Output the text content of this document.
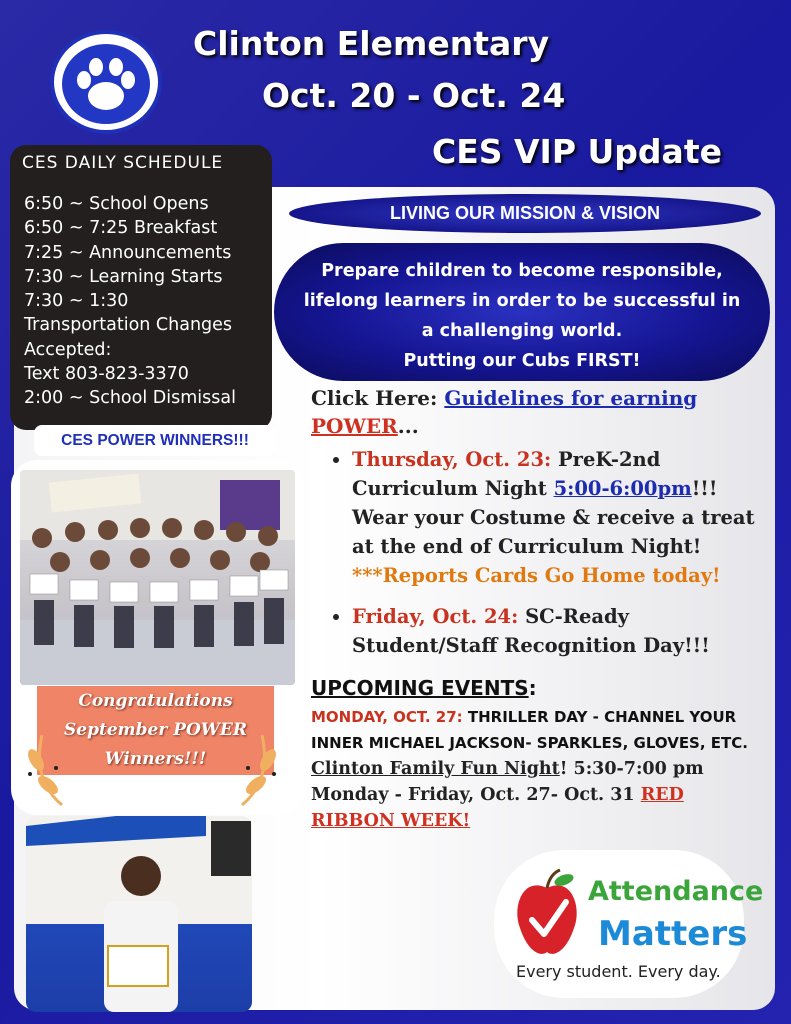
Clinton Elementary
Oct. 20 - Oct. 24
CES VIP Update
CES DAILY SCHEDULE
6:50 ~ School Opens
6:50 ~ 7:25 Breakfast
7:25 ~ Announcements
7:30 ~ Learning Starts
7:30 ~ 1:30
Transportation Changes
Accepted:
Text 803-823-3370
2:00 ~ School Dismissal
CES POWER WINNERS!!!
Congratulations
September POWER
Winners!!!
LIVING OUR MISSION & VISION
Prepare children to become responsible,
lifelong learners in order to be successful in
a challenging world.
Putting our Cubs FIRST!
Click Here: Guidelines for earning
POWER...
• Thursday, Oct. 23: PreK-2nd Curriculum Night 5:00-6:00pm!!! Wear your Costume & receive a treat at the end of Curriculum Night!
***Reports Cards Go Home today!
• Friday, Oct. 24: SC-Ready Student/Staff Recognition Day!!!
UPCOMING EVENTS:
MONDAY, OCT. 27: THRILLER DAY - CHANNEL YOUR INNER MICHAEL JACKSON- SPARKLES, GLOVES, ETC.
Clinton Family Fun Night! 5:30-7:00 pm
Monday - Friday, Oct. 27- Oct. 31 RED RIBBON WEEK!
Attendance
Matters
Every student. Every day.
